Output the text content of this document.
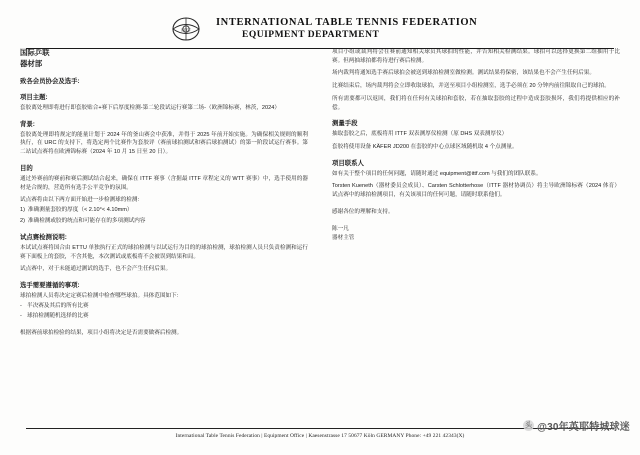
ITTF
INTERNATIONAL TABLE TENNIS FEDERATION
EQUIPMENT DEPARTMENT
国际乒联
器材部
致各会员协会及选手:
项目主题:

套胶离处理即将进行即套胶贴合+赛下后厚度检测-第二轮段试运行赛第二场-（欧洲锦标赛，林茨，2024）

背景:

套胶离处理即将规定的能量计划于 2024 年的釜山赛会中获准，并得于 2025 年前开始实施。为确保相关规则的顺利执行，在 URC 的支持下，将选定两个比赛作为套胶评（赛前球拍测试和赛后球拍测试）的第一阶段试运行赛事。第二站试点赛将在欧洲锦标赛（2024 年 10 月 15 日至 20 日）。

目的

通过外赛前的赛前和赛后测试结合起来，确保在 ITTF 赛事（含据最 ITTF 章程定义的 WTT 赛事）中，选手使用的器材是合规的，营造所有选手公平竞争的氛围。

试点赛将由以下两方面开始进一步检测球的检测:

1) 准确测量套胶的厚度（< 2.10°< 4.10mm）
2) 准确检测或胶的统点和可能存在的多项测试内容
试点赛检测说明:

本试试点赛将国合由 ETTU 单独执行正式的球拍检测与以试运行为目的的球拍检测，球拍检测人员只负责检测和运行赛下面板上的套胶，不含其他，本次测试或底板将不会被误到结果和局。

试点赛中，对于未能通过测试的选手，也不会产生任何后果。

选手需要遵循的事项:

球拍检测人员将决定定赛后检测中检查哪些球拍。具体范围如下:

- 半决赛及其后的所有比赛
- 球拍检测随机选择的比赛

根据赛前球拍检验的结果，项目小组将决定是否需要做赛后检测。

项目小组或裁判将会在赛前通知相关球员其球拍的性能，并告知相关检测结果。球拍可以选择更换第二组抽用于比赛。但两抽球拍都将待进行赛后检测。

场内裁判将通知选手赛后球拍会被送到球拍检测室做检测。测试结果将保密，该结果也不会产生任何后果。

比赛结束后，场内裁判将会立即收取球拍，并送至项目小组检测室，选手必须在 20 分钟内前往限取自己的球拍。

所有需要都可以返回，我们将在任何有关球拍和套胶，若在抽取套胶的过程中造成套胶损坏，我们将提供相应的补偿。

测量手段

抽取套胶之后，底板将用 ITTF 双表测厚仪检测（原 DHS 双表测厚仪）

套胶将使用设备 KÄFER JD200 在套胶的中心点球区域随机取 4 个点测量。

项目联系人

如有关于整个项目的任何问题，请随时通过 equipment@ittf.com 与我们的团队联系。

Torsten Kueneth（器材委员会成员）、Carsten Schlotterhose（ITTF 器材协调员）将主导欧洲锦标赛（2024 体育）试点赛中的球拍检测项目，有关该项目的任何可题，请随时联系他们。

感谢各位的理解和支持。

陈一凡
器材主管
International Table Tennis Federation | Equipment Office | Kaesenstrasse 17 50677 Köln GERMANY Phone: +49 221 42343(X)
头 @30年英耶特城球迷
